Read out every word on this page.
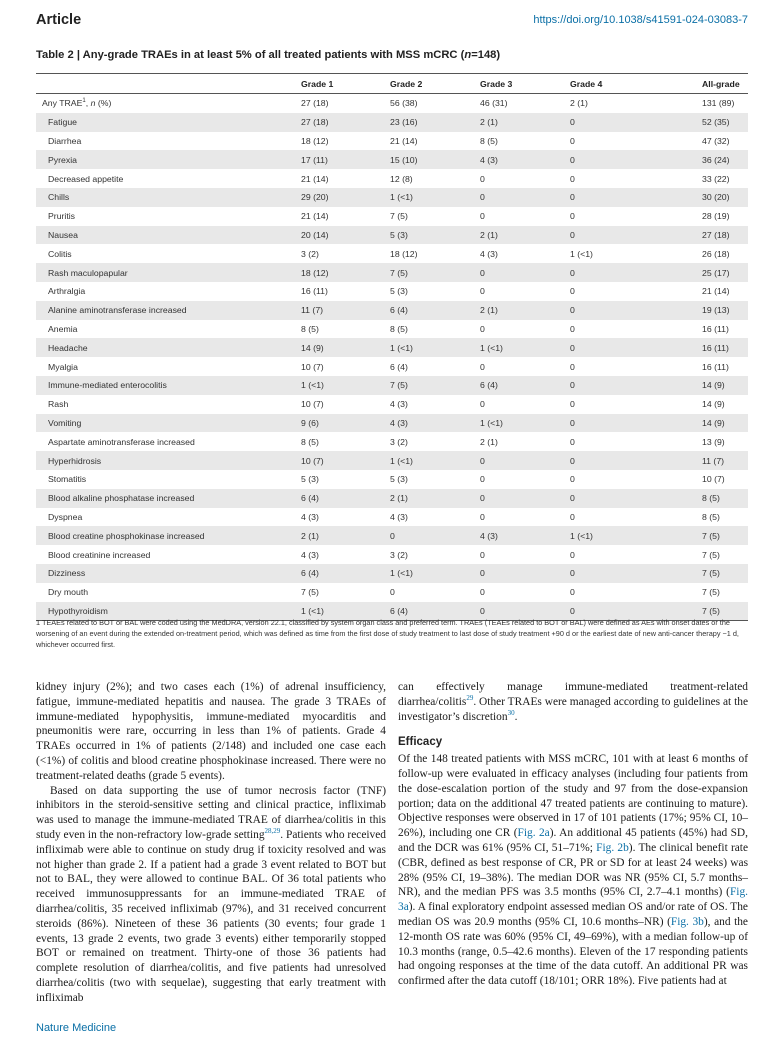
Article	https://doi.org/10.1038/s41591-024-03083-7
Table 2 | Any-grade TRAEs in at least 5% of all treated patients with MSS mCRC (n=148)
	Grade 1	Grade 2	Grade 3	Grade 4	All-grade
Any TRAE$^1$, n (%)	27 (18)	56 (38)	46 (31)	2 (1)	131 (89)
Fatigue	27 (18)	23 (16)	2 (1)	0	52 (35)
Diarrhea	18 (12)	21 (14)	8 (5)	0	47 (32)
Pyrexia	17 (11)	15 (10)	4 (3)	0	36 (24)
Decreased appetite	21 (14)	12 (8)	0	0	33 (22)
Chills	29 (20)	1 (<1)	0	0	30 (20)
Pruritis	21 (14)	7 (5)	0	0	28 (19)
Nausea	20 (14)	5 (3)	2 (1)	0	27 (18)
Colitis	3 (2)	18 (12)	4 (3)	1 (<1)	26 (18)
Rash maculopapular	18 (12)	7 (5)	0	0	25 (17)
Arthralgia	16 (11)	5 (3)	0	0	21 (14)
Alanine aminotransferase increased	11 (7)	6 (4)	2 (1)	0	19 (13)
Anemia	8 (5)	8 (5)	0	0	16 (11)
Headache	14 (9)	1 (<1)	1 (<1)	0	16 (11)
Myalgia	10 (7)	6 (4)	0	0	16 (11)
Immune-mediated enterocolitis	1 (<1)	7 (5)	6 (4)	0	14 (9)
Rash	10 (7)	4 (3)	0	0	14 (9)
Vomiting	9 (6)	4 (3)	1 (<1)	0	14 (9)
Aspartate aminotransferase increased	8 (5)	3 (2)	2 (1)	0	13 (9)
Hyperhidrosis	10 (7)	1 (<1)	0	0	11 (7)
Stomatitis	5 (3)	5 (3)	0	0	10 (7)
Blood alkaline phosphatase increased	6 (4)	2 (1)	0	0	8 (5)
Dyspnea	4 (3)	4 (3)	0	0	8 (5)
Blood creatine phosphokinase increased	2 (1)	0	4 (3)	1 (<1)	7 (5)
Blood creatinine increased	4 (3)	3 (2)	0	0	7 (5)
Dizziness	6 (4)	1 (<1)	0	0	7 (5)
Dry mouth	7 (5)	0	0	0	7 (5)
Hypothyroidism	1 (<1)	6 (4)	0	0	7 (5)
1 TEAEs related to BOT or BAL were coded using the MedDRA, version 22.1, classified by system organ class and preferred term. TRAEs (TEAEs related to BOT or BAL) were defined as AEs with onset dates or the worsening of an event during the extended on-treatment period, which was defined as time from the first dose of study treatment to last dose of study treatment +90 d or the earliest date of new anti-cancer therapy −1 d, whichever occurred first.

kidney injury (2%); and two cases each (1%) of adrenal insufficiency, fatigue, immune-mediated hepatitis and nausea. The grade 3 TRAEs of immune-mediated hypophysitis, immune-mediated myocarditis and pneumonitis were rare, occurring in less than 1% of patients. Grade 4 TRAEs occurred in 1% of patients (2/148) and included one case each (<1%) of colitis and blood creatine phosphokinase increased. There were no treatment-related deaths (grade 5 events).

Based on data supporting the use of tumor necrosis factor (TNF) inhibitors in the steroid-sensitive setting and clinical practice, infliximab was used to manage the immune-mediated TRAE of diarrhea/colitis in this study even in the non-refractory low-grade setting$^{28,29}$. Patients who received infliximab were able to continue on study drug if toxicity resolved and was not higher than grade 2. If a patient had a grade 3 event related to BOT but not to BAL, they were allowed to continue BAL. Of 36 total patients who received immunosuppressants for an immune-mediated TRAE of diarrhea/colitis, 35 received infliximab (97%), and 31 received concurrent steroids (86%). Nineteen of these 36 patients (30 events; four grade 1 events, 13 grade 2 events, two grade 3 events) either temporarily stopped BOT or remained on treatment. Thirty-one of those 36 patients had complete resolution of diarrhea/colitis, and five patients had unresolved diarrhea/colitis (two with sequelae), suggesting that early treatment with infliximab

can effectively manage immune-mediated treatment-related diarrhea/colitis$^{29}$. Other TRAEs were managed according to guidelines at the investigator’s discretion$^{30}$.

Efficacy

Of the 148 treated patients with MSS mCRC, 101 with at least 6 months of follow-up were evaluated in efficacy analyses (including four patients from the dose-escalation portion of the study and 97 from the dose-expansion portion; data on the additional 47 treated patients are continuing to mature). Objective responses were observed in 17 of 101 patients (17%; 95% CI, 10–26%), including one CR (Fig. 2a). An additional 45 patients (45%) had SD, and the DCR was 61% (95% CI, 51–71%; Fig. 2b). The clinical benefit rate (CBR, defined as best response of CR, PR or SD for at least 24 weeks) was 28% (95% CI, 19–38%). The median DOR was NR (95% CI, 5.7 months–NR), and the median PFS was 3.5 months (95% CI, 2.7–4.1 months) (Fig. 3a). A final exploratory endpoint assessed median OS and/or rate of OS. The median OS was 20.9 months (95% CI, 10.6 months–NR) (Fig. 3b), and the 12-month OS rate was 60% (95% CI, 49–69%), with a median follow-up of 10.3 months (range, 0.5–42.6 months). Eleven of the 17 responding patients had ongoing responses at the time of the data cutoff. An additional PR was confirmed after the data cutoff (18/101; ORR 18%). Five patients had at

Nature Medicine
